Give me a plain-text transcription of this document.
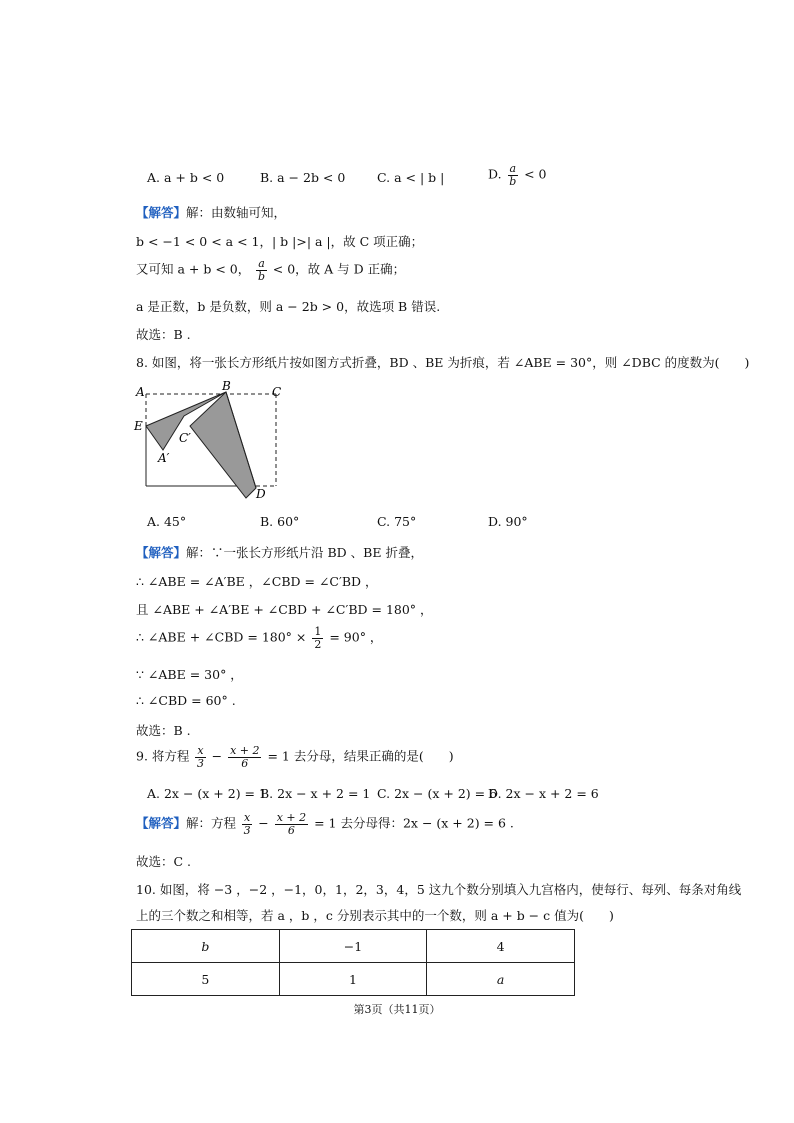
A. a + b < 0	B. a − 2b < 0	C. a < | b |	D. $\frac{a}{b} < 0$
【解答】解：由数轴可知，
b < −1 < 0 < a < 1，| b |>| a |，故 C 项正确；
又可知 a + b < 0， $\frac{a}{b} < 0$，故 A 与 D 正确；
a 是正数，b 是负数，则 a − 2b > 0，故选项 B 错误.
故选：B .
8. 如图，将一张长方形纸片按如图方式折叠，BD 、BE 为折痕，若 ∠ABE = 30°，则 ∠DBC 的度数为(　　)
A	B	C
E
C′
A′
D
A. 45°	B. 60°	C. 75°	D. 90°
【解答】解：∵一张长方形纸片沿 BD 、BE 折叠，
∴ ∠ABE = ∠A′BE ，∠CBD = ∠C′BD ，
且 ∠ABE + ∠A′BE + ∠CBD + ∠C′BD = 180° ，
∴ ∠ABE + ∠CBD = $180^\circ \times \frac{1}{2} = 90^\circ$ ，
∵ ∠ABE = 30° ，
∴ ∠CBD = 60° .
故选：B .
9. 将方程 $\frac{x}{3} - \frac{x + 2}{6} = 1$ 去分母，结果正确的是(　　)
A. 2x − (x + 2) = 1
B. 2x − x + 2 = 1 C. 2x − (x + 2) = 6
D. 2x − x + 2 = 6
【解答】解：方程 $\frac{x}{3} - \frac{x + 2}{6} = 1$ 去分母得：2x − (x + 2) = 6 .
故选：C .
10. 如图，将 −3 ，−2 ，−1，0，1，2，3，4，5 这九个数分别填入九宫格内，使每行、每列、每条对角线
上的三个数之和相等，若 a ，b ，c 分别表示其中的一个数，则 a + b − c 值为(　　)
b	−1	4
5	1	a
第3页（共11页）
